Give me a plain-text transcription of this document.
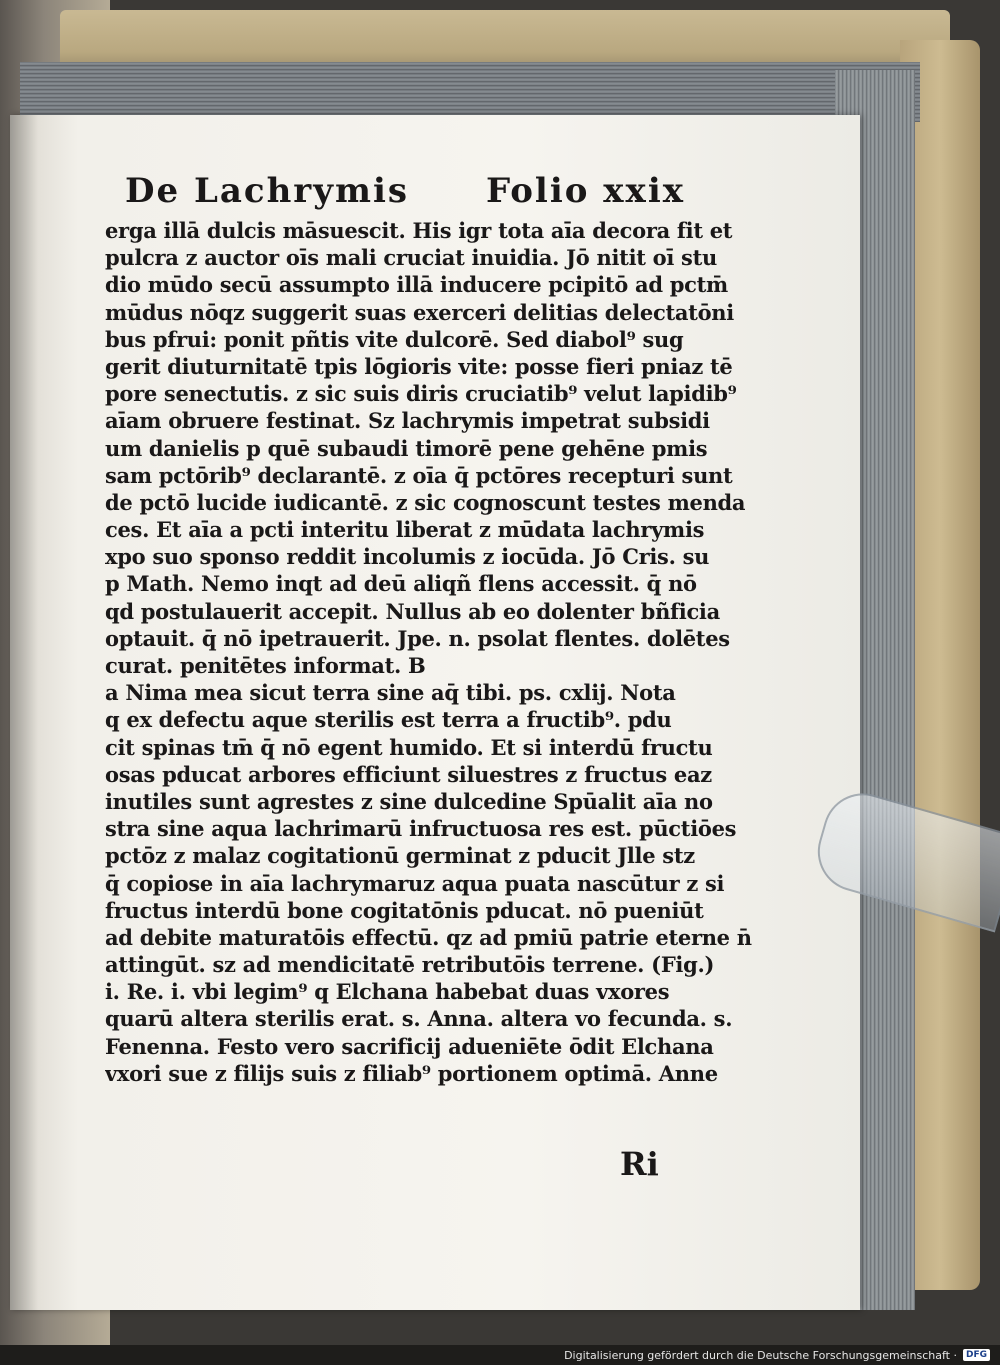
De Lachrymis Folio xxix
erga illā dulcis māsuescit. His igr tota aīa decora fit et
pulcra z auctor oīs mali cruciat inuidia. Jō nitit oī stu
dio mūdo secū assumpto illā inducere pcipitō ad pctm̄
mūdus nōqz suggerit suas exerceri delitias delectatōni
bus pfrui: ponit pñtis vite dulcorē. Sed diabol⁹ sug
gerit diuturnitatē tpis lōgioris vite: posse fieri pniaz tē
pore senectutis. z sic suis diris cruciatib⁹ velut lapidib⁹
aīam obruere festinat. Sz lachrymis impetrat subsidi
um danielis p quē subaudi timorē pene gehēne pmis
sam pctōrib⁹ declarantē. z oīa q̄ pctōres recepturi sunt
de pctō lucide iudicantē. z sic cognoscunt testes menda
ces. Et aīa a pcti interitu liberat z mūdata lachrymis
xpo suo sponso reddit incolumis z iocūda. Jō Cris. su
p Math. Nemo inqt ad deū aliqñ flens accessit. q̄ nō
qd postulauerit accepit. Nullus ab eo dolenter bñficia
optauit. q̄ nō ipetrauerit. Jpe. n. psolat flentes. dolētes
curat. penitētes informat. B
a Nima mea sicut terra sine aq̄ tibi. ps. cxlij. Nota
q ex defectu aque sterilis est terra a fructib⁹. pdu
cit spinas tm̄ q̄ nō egent humido. Et si interdū fructu
osas pducat arbores efficiunt siluestres z fructus eaz
inutiles sunt agrestes z sine dulcedine Spūalit aīa no
stra sine aqua lachrimarū infructuosa res est. pūctiōes
pctōz z malaz cogitationū germinat z pducit Jlle stz
q̄ copiose in aīa lachrymaruz aqua puata nascūtur z si
fructus interdū bone cogitatōnis pducat. nō pueniūt
ad debite maturatōis effectū. qz ad pmiū patrie eterne n̄
attingūt. sz ad mendicitatē retributōis terrene. (Fig.)
i. Re. i. vbi legim⁹ q Elchana habebat duas vxores
quarū altera sterilis erat. s. Anna. altera vo fecunda. s.
Fenenna. Festo vero sacrificij adueniēte ōdit Elchana
vxori sue z filijs suis z filiab⁹ portionem optimā. Anne
Ri
Digitalisierung gefördert durch die Deutsche Forschungsgemeinschaft ·	DFG
